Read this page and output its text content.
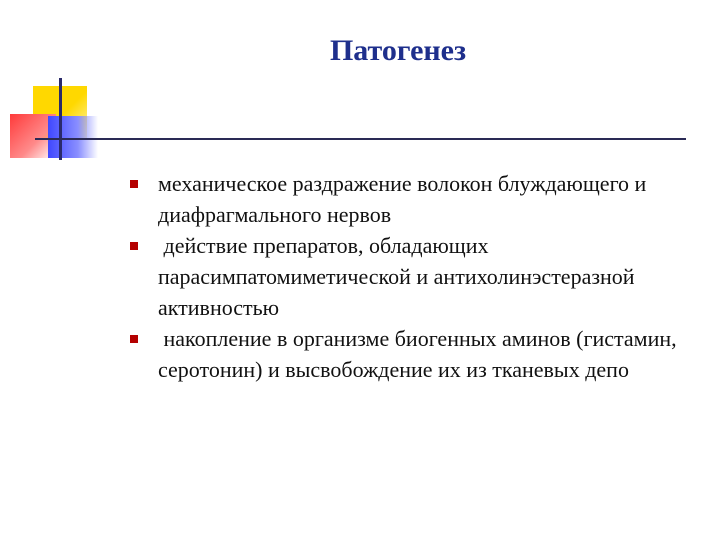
Патогенез
механическое раздражение волокон блуждающего и диафрагмального нервов
действие препаратов, обладающих парасимпатомиметической и антихолинэстеразной активностью
накопление в организме биогенных аминов (гистамин, серотонин) и высвобождение их из тканевых депо
